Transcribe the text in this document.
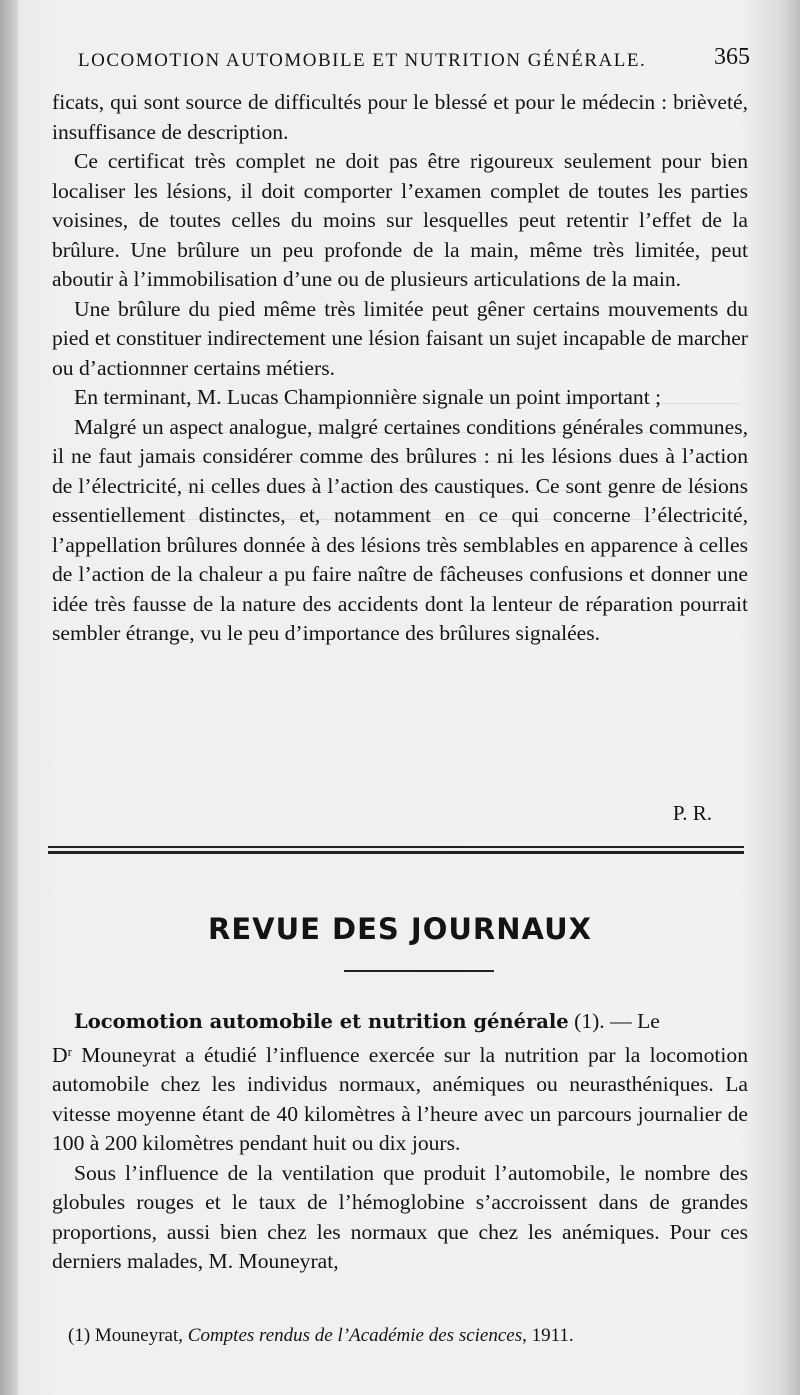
LOCOMOTION AUTOMOBILE ET NUTRITION GÉNÉRALE.	365

ficats, qui sont source de difficultés pour le blessé et pour le médecin : brièveté, insuffisance de description.

Ce certificat très complet ne doit pas être rigoureux seulement pour bien localiser les lésions, il doit comporter l’examen complet de toutes les parties voisines, de toutes celles du moins sur lesquelles peut retentir l’effet de la brûlure. Une brûlure un peu profonde de la main, même très limitée, peut aboutir à l’immobilisation d’une ou de plusieurs articulations de la main.

Une brûlure du pied même très limitée peut gêner certains mouvements du pied et constituer indirectement une lésion faisant un sujet incapable de marcher ou d’actionnner certains métiers.

En terminant, M. Lucas Championnière signale un point important ;

Malgré un aspect analogue, malgré certaines conditions générales communes, il ne faut jamais considérer comme des brûlures : ni les lésions dues à l’action de l’électricité, ni celles dues à l’action des caustiques. Ce sont genre de lésions essentiellement distinctes, et, notamment en ce qui concerne l’électricité, l’appellation brûlures donnée à des lésions très semblables en apparence à celles de l’action de la chaleur a pu faire naître de fâcheuses confusions et donner une idée très fausse de la nature des accidents dont la lenteur de réparation pourrait sembler étrange, vu le peu d’importance des brûlures signalées.

P. R.
REVUE DES JOURNAUX

Locomotion automobile et nutrition générale (1). — Le
$D^r$ Mouneyrat a étudié l’influence exercée sur la nutrition par la locomotion automobile chez les individus normaux, anémiques ou neurasthéniques. La vitesse moyenne étant de 40 kilomètres à l’heure avec un parcours journalier de 100 à 200 kilomètres pendant huit ou dix jours.

Sous l’influence de la ventilation que produit l’automobile, le nombre des globules rouges et le taux de l’hémoglobine s’accroissent dans de grandes proportions, aussi bien chez les normaux que chez les anémiques. Pour ces derniers malades, M. Mouneyrat,

(1) Mouneyrat, Comptes rendus de l’Académie des sciences, 1911.
